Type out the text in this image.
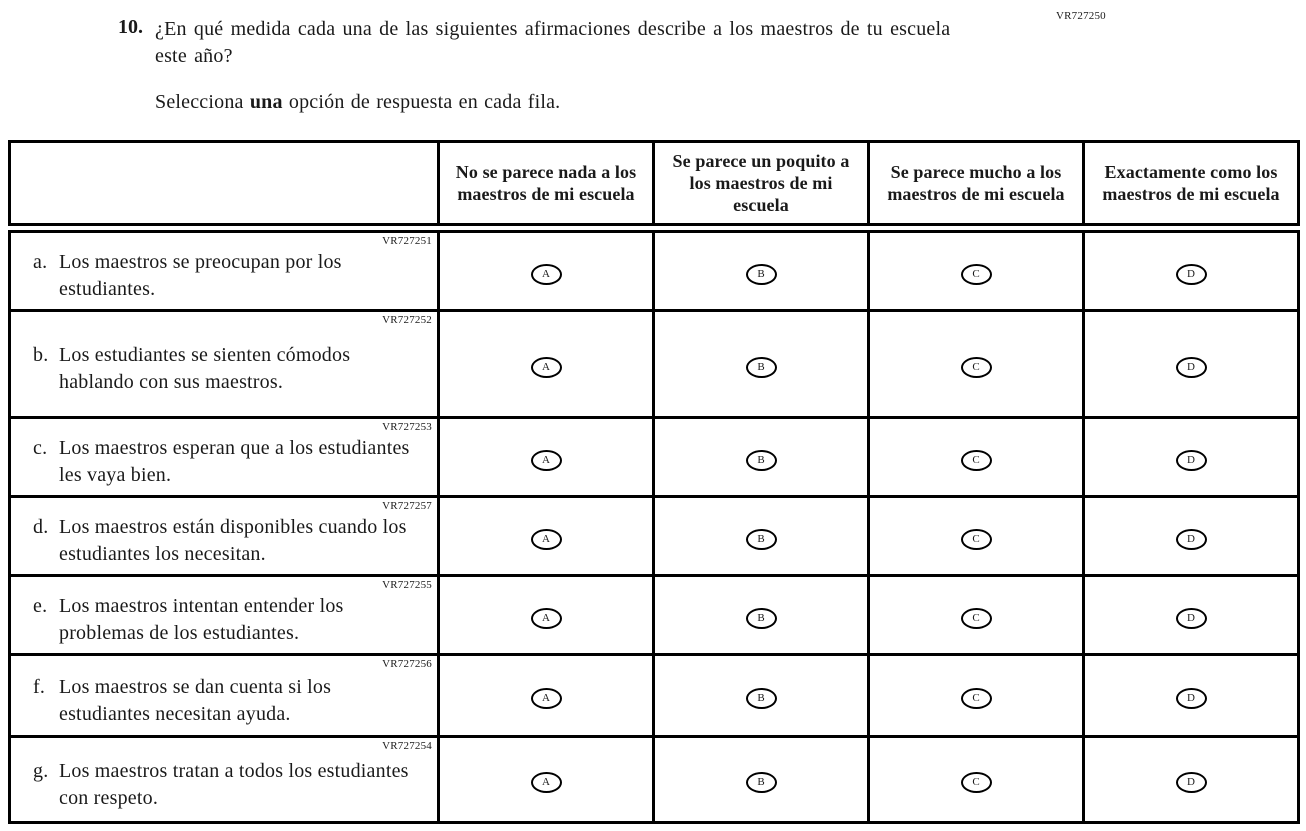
VR727250
10. ¿En qué medida cada una de las siguientes afirmaciones describe a los maestros de tu escuela este año?
Selecciona una opción de respuesta en cada fila.
	No se parece nada a los maestros de mi escuela	Se parece un poquito a los maestros de mi escuela	Se parece mucho a los maestros de mi escuela	Exactamente como los maestros de mi escuela

VR727251
a. Los maestros se preocupan por los estudiantes.	A	B	C	D

VR727252
b. Los estudiantes se sienten cómodos hablando con sus maestros.	A	B	C	D

VR727253
c. Los maestros esperan que a los estudiantes les vaya bien.	A	B	C	D

VR727257
d. Los maestros están disponibles cuando los estudiantes los necesitan.	A	B	C	D

VR727255
e. Los maestros intentan entender los problemas de los estudiantes.	A	B	C	D

VR727256
f. Los maestros se dan cuenta si los estudiantes necesitan ayuda.	A	B	C	D

VR727254
g. Los maestros tratan a todos los estudiantes con respeto.	A	B	C	D
